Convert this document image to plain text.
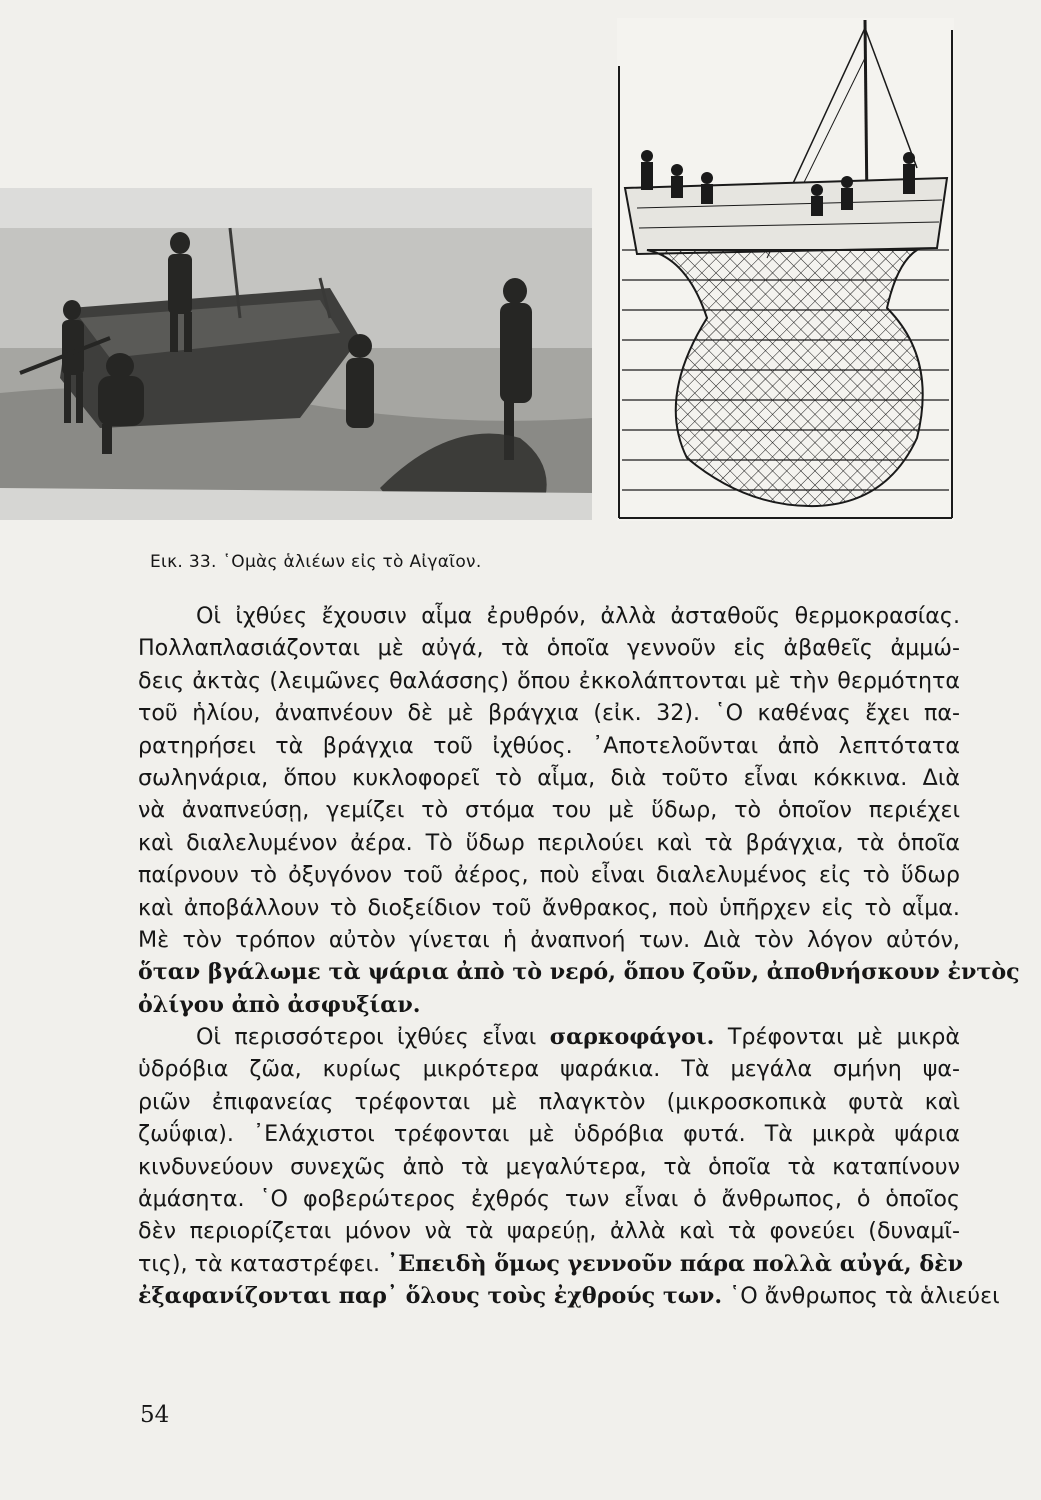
Εικ. 33. ῾Ομὰς ἁλιέων εἰς τὸ Αἰγαῖον.
Οἱ ἰχθύες ἔχουσιν αἷμα ἐρυθρόν, ἀλλὰ ἀσταθοῦς θερμοκρασίας.
Πολλαπλασιάζονται μὲ αὐγά, τὰ ὁποῖα γεννοῦν εἰς ἀβαθεῖς ἀμμώ-
δεις ἀκτὰς (λειμῶνες θαλάσσης) ὅπου ἐκκολάπτονται μὲ τὴν θερμότητα
τοῦ ἡλίου, ἀναπνέουν δὲ μὲ βράγχια (εἰκ. 32). ῾Ο καθένας ἔχει πα-
ρατηρήσει τὰ βράγχια τοῦ ἰχθύος. ᾿Αποτελοῦνται ἀπὸ λεπτότατα
σωληνάρια, ὅπου κυκλοφορεῖ τὸ αἷμα, διὰ τοῦτο εἶναι κόκκινα. Διὰ
νὰ ἀναπνεύσῃ, γεμίζει τὸ στόμα του μὲ ὕδωρ, τὸ ὁποῖον περιέχει
καὶ διαλελυμένον ἀέρα. Τὸ ὕδωρ περιλούει καὶ τὰ βράγχια, τὰ ὁποῖα
παίρνουν τὸ ὀξυγόνον τοῦ ἀέρος, ποὺ εἶναι διαλελυμένος εἰς τὸ ὕδωρ
καὶ ἀποβάλλουν τὸ διοξείδιον τοῦ ἄνθρακος, ποὺ ὑπῆρχεν εἰς τὸ αἷμα.
Μὲ τὸν τρόπον αὐτὸν γίνεται ἡ ἀναπνοή των. Διὰ τὸν λόγον αὐτόν,
ὅταν βγάλωμε τὰ ψάρια ἀπὸ τὸ νερό, ὅπου ζοῦν, ἀποθνήσκουν ἐντὸς
ὀλίγου ἀπὸ ἀσφυξίαν.
Οἱ περισσότεροι ἰχθύες εἶναι σαρκοφάγοι. Τρέφονται μὲ μικρὰ
ὑδρόβια ζῶα, κυρίως μικρότερα ψαράκια. Τὰ μεγάλα σμήνη ψα-
ριῶν ἐπιφανείας τρέφονται μὲ πλαγκτὸν (μικροσκοπικὰ φυτὰ καὶ
ζωΰφια). ᾿Ελάχιστοι τρέφονται μὲ ὑδρόβια φυτά. Τὰ μικρὰ ψάρια
κινδυνεύουν συνεχῶς ἀπὸ τὰ μεγαλύτερα, τὰ ὁποῖα τὰ καταπίνουν
ἀμάσητα. ῾Ο φοβερώτερος ἐχθρός των εἶναι ὁ ἄνθρωπος, ὁ ὁποῖος
δὲν περιορίζεται μόνον νὰ τὰ ψαρεύῃ, ἀλλὰ καὶ τὰ φονεύει (δυναμῖ-
τις), τὰ καταστρέφει. ᾿Επειδὴ ὅμως γεννοῦν πάρα πολλὰ αὐγά, δὲν
ἐξαφανίζονται παρ᾿ ὅλους τοὺς ἐχθρούς των. ῾Ο ἄνθρωπος τὰ ἁλιεύει
54
